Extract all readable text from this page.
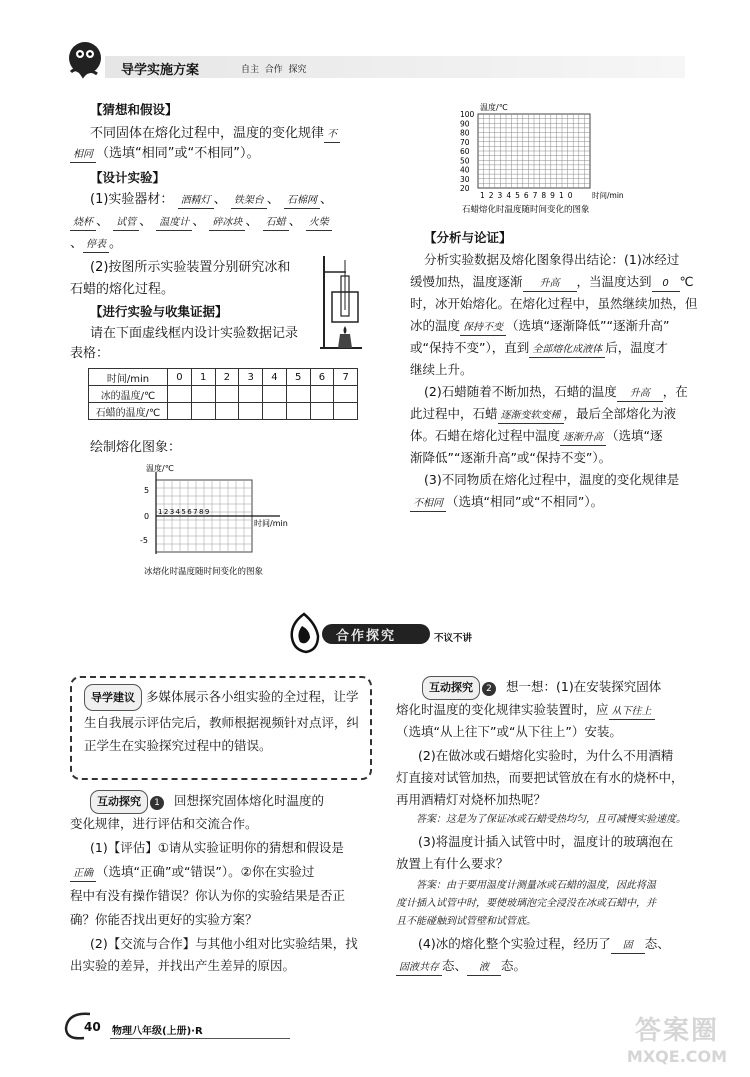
导学实施方案	自主  合作  探究
【猜想和假设】
不同固体在熔化过程中，温度的变化规律 不
相同 （选填“相同”或“不相同”）。
【设计实验】
(1)实验器材： 酒精灯 、 铁架台 、 石棉网 、
烧杯 、 试管 、 温度计 、 碎冰块 、 石蜡 、 火柴
、 停表 。
(2)按图所示实验装置分别研究冰和
石蜡的熔化过程。
【进行实验与收集证据】
请在下面虚线框内设计实验数据记录
表格：
时间/min	0	1	2	3	4	5	6	7
冰的温度/℃								
石蜡的温度/℃								
绘制熔化图象：
温度/℃
时间/min
5
0
-5
123456789
冰熔化时温度随时间变化的图象
温度/℃
100
90
80
70
60
50
40
30
20
12345678910 时间/min
石蜡熔化时温度随时间变化的图象
【分析与论证】
分析实验数据及熔化图象得出结论：(1)冰经过
缓慢加热，温度逐渐 升高 ，当温度达到 0 ℃
时，冰开始熔化。在熔化过程中，虽然继续加热，但
冰的温度 保持不变 （选填“逐渐降低”“逐渐升高”
或“保持不变”），直到 全部熔化成液体 后，温度才
继续上升。
(2)石蜡随着不断加热，石蜡的温度 升高 ，在
此过程中，石蜡 逐渐变软变稀 ，最后全部熔化为液
体。石蜡在熔化过程中温度 逐渐升高 （选填“逐
渐降低”“逐渐升高”或“保持不变”）。
(3)不同物质在熔化过程中，温度的变化规律是
不相同 （选填“相同”或“不相同”）。
合作探究	不议不讲
导学建议 多媒体展示各小组实验的全过程，让学生自我展示评估完后，教师根据视频针对点评，纠正学生在实验探究过程中的错误。
互动探究 1 回想探究固体熔化时温度的
变化规律，进行评估和交流合作。
(1)【评估】①请从实验证明你的猜想和假设是
正确 （选填“正确”或“错误”）。②你在实验过
程中有没有操作错误？你认为你的实验结果是否正
确？你能否找出更好的实验方案？
(2)【交流与合作】与其他小组对比实验结果，找
出实验的差异，并找出产生差异的原因。
互动探究 2 想一想：(1)在安装探究固体
熔化时温度的变化规律实验装置时，应 从下往上
（选填“从上往下”或“从下往上”）安装。
(2)在做冰或石蜡熔化实验时，为什么不用酒精
灯直接对试管加热，而要把试管放在有水的烧杯中，
再用酒精灯对烧杯加热呢？
答案：这是为了保证冰或石蜡受热均匀，且可减慢实验速度。
(3)将温度计插入试管中时，温度计的玻璃泡在
放置上有什么要求？
答案：由于要用温度计测量冰或石蜡的温度，因此将温
度计插入试管中时，要使玻璃泡完全浸没在冰或石蜡中，并
且不能碰触到试管壁和试管底。
(4)冰的熔化整个实验过程，经历了 固 态、
固液共存 态、 液 态。
40 物理八年级(上册)·R	答案圈
MXQE.COM
